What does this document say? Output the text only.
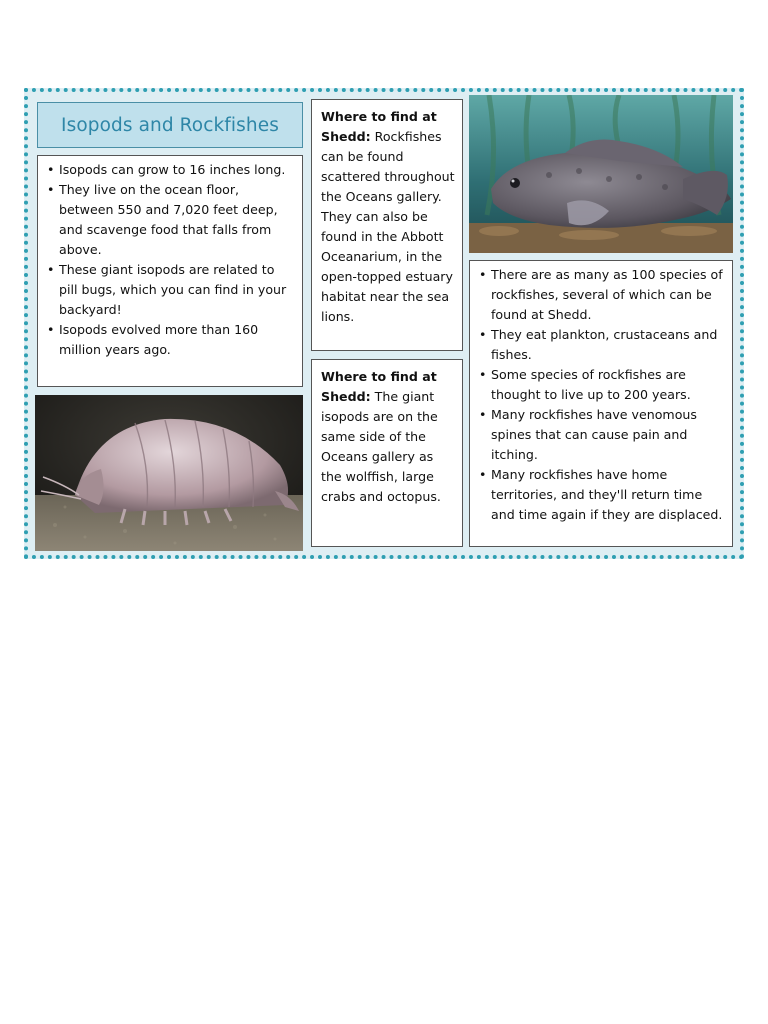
Isopods and Rockfishes
• Isopods can grow to 16 inches long.
• They live on the ocean floor, between 550 and 7,020 feet deep, and scavenge food that falls from above.
• These giant isopods are related to pill bugs, which you can find in your backyard!
• Isopods evolved more than 160 million years ago.

Where to find at Shedd: Rockfishes can be found scattered throughout the Oceans gallery. They can also be found in the Abbott Oceanarium, in the open-topped estuary habitat near the sea lions.

Where to find at Shedd: The giant isopods are on the same side of the Oceans gallery as the wolffish, large crabs and octopus.

• There are as many as 100 species of rockfishes, several of which can be found at Shedd.
• They eat plankton, crustaceans and fishes.
• Some species of rockfishes are thought to live up to 200 years.
• Many rockfishes have venomous spines that can cause pain and itching.
• Many rockfishes have home territories, and they'll return time and time again if they are displaced.
